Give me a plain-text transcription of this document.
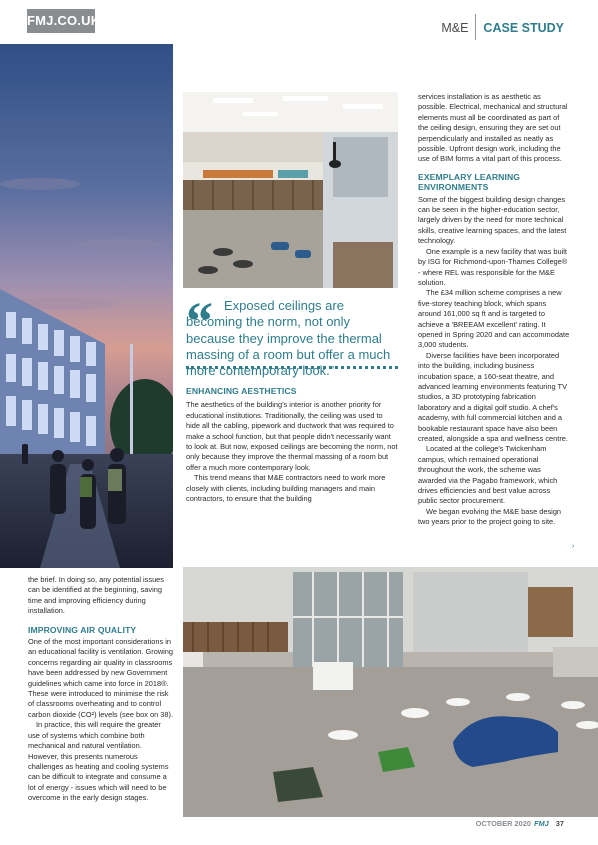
FMJ.CO.UK	M&E CASE STUDY
“ Exposed ceilings are becoming the norm, not only because they improve the thermal massing of a room but offer a much more contemporary look.”
ENHANCING AESTHETICS

The aesthetics of the building's interior is another priority for educational institutions. Traditionally, the ceiling was used to hide all the cabling, pipework and ductwork that was required to make a school function, but that people didn't necessarily want to look at. But now, exposed ceilings are becoming the norm, not only because they improve the thermal massing of a room but offer a much more contemporary look.

This trend means that M&E contractors need to work more closely with clients, including building managers and main contractors, to ensure that the building

services installation is as aesthetic as possible. Electrical, mechanical and structural elements must all be coordinated as part of the ceiling design, ensuring they are set out perpendicularly and installed as neatly as possible. Upfront design work, including the use of BIM forms a vital part of this process.

EXEMPLARY LEARNING ENVIRONMENTS

Some of the biggest building design changes can be seen in the higher-education sector, largely driven by the need for more technical skills, creative learning spaces, and the latest technology.

One example is a new facility that was built by ISG for Richmond-upon-Thames College® - where REL was responsible for the M&E solution.

The £34 million scheme comprises a new five-storey teaching block, which spans around 161,000 sq ft and is targeted to achieve a 'BREEAM excellent' rating. It opened in Spring 2020 and can accommodate 3,000 students.

Diverse facilities have been incorporated into the building, including business incubation space, a 160-seat theatre, and advanced learning environments featuring TV studios, a 3D prototyping fabrication laboratory and a digital golf studio. A chef's academy, with full commercial kitchen and a bookable restaurant space have also been created, alongside a spa and wellness centre.

Located at the college's Twickenham campus, which remained operational throughout the work, the scheme was awarded via the Pagabo framework, which drives efficiencies and best value across public sector procurement.

We began evolving the M&E base design two years prior to the project going to site.

›

the brief. In doing so, any potential issues can be identified at the beginning, saving time and improving efficiency during installation.

IMPROVING AIR QUALITY

One of the most important considerations in an educational facility is ventilation. Growing concerns regarding air quality in classrooms have been addressed by new Government guidelines which came into force in 2018®. These were introduced to minimise the risk of classrooms overheating and to control carbon dioxide (CO²) levels (see box on 38).

In practice, this will require the greater use of systems which combine both mechanical and natural ventilation. However, this presents numerous challenges as heating and cooling systems can be difficult to integrate and consume a lot of energy - issues which will need to be overcome in the early design stages.

OCTOBER 2020 FMJ 37
